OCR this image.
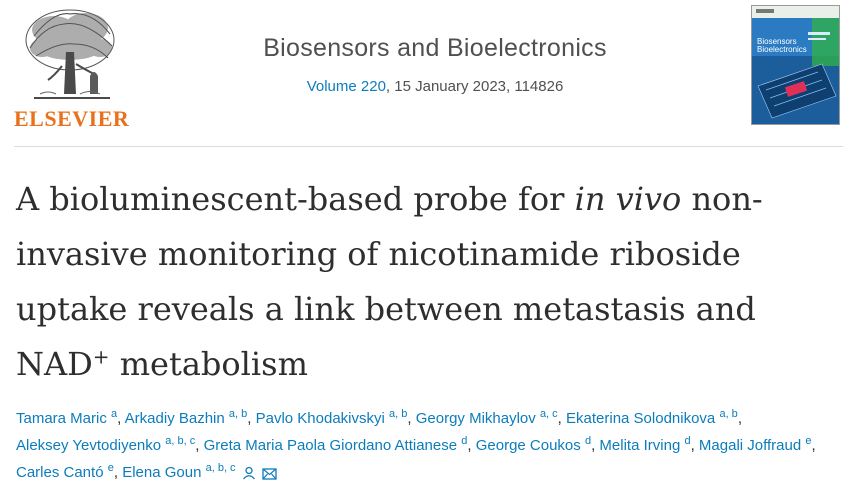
ELSEVIER
Biosensors and Bioelectronics
Volume 220, 15 January 2023, 114826
Biosensors
Bioelectronics
A bioluminescent-based probe for in vivo non-invasive monitoring of nicotinamide riboside uptake reveals a link between metastasis and NAD+ metabolism
Tamara Maric $^a$, Arkadiy Bazhin $^{a, b}$, Pavlo Khodakivskyi $^{a, b}$, Georgy Mikhaylov $^{a, c}$, Ekaterina Solodnikova $^{a, b}$, Aleksey Yevtodiyenko $^{a, b, c}$, Greta Maria Paola Giordano Attianese $^d$, George Coukos $^d$, Melita Irving $^d$, Magali Joffraud $^e$, Carles Cantó $^e$, Elena Goun $^{a, b, c}$
